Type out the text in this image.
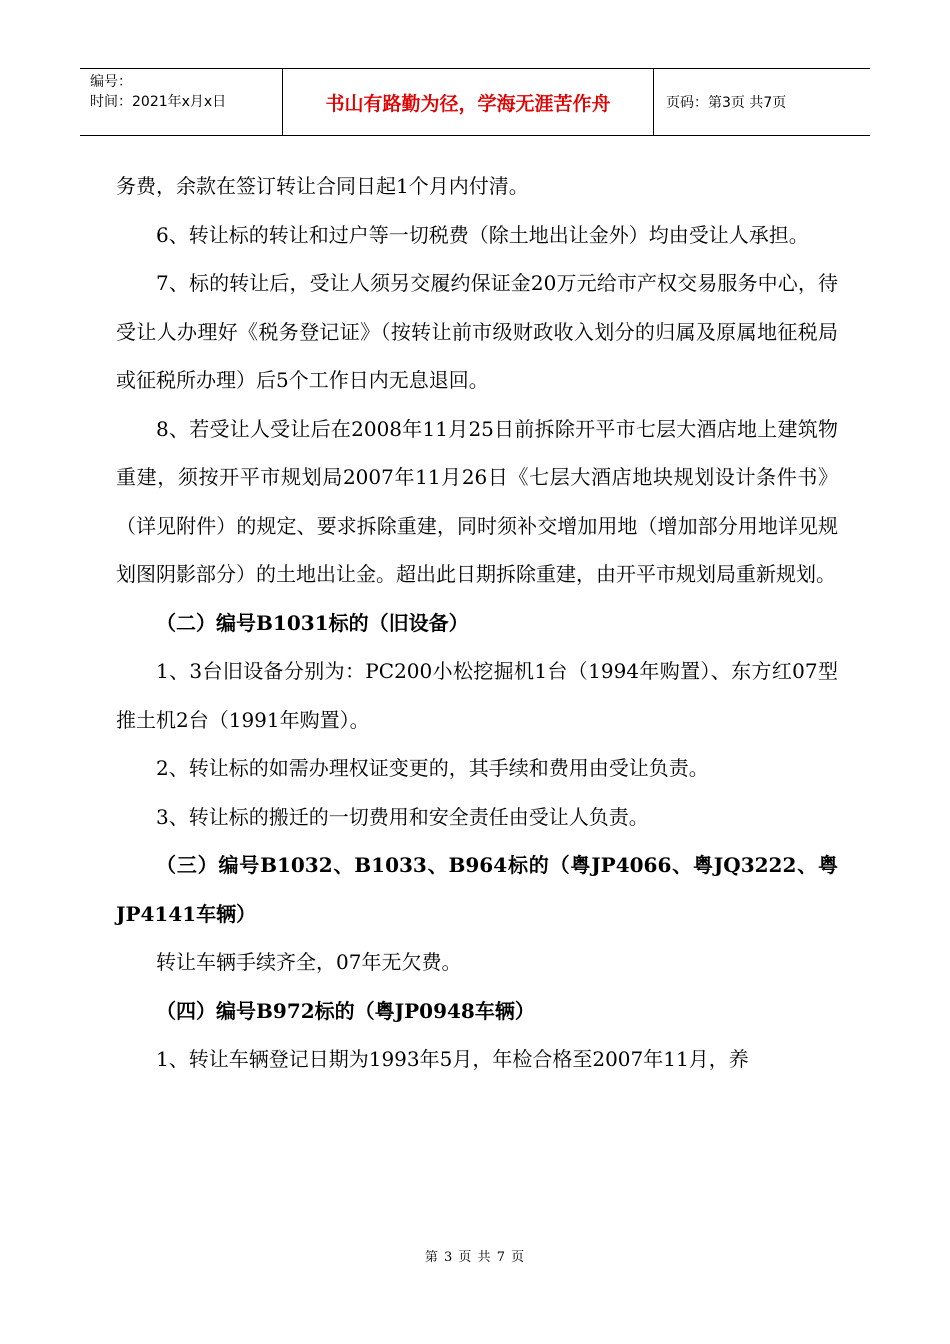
编号：
时间：2021年x月x日	书山有路勤为径，学海无涯苦作舟	页码：第3页 共7页

务费，余款在签订转让合同日起1个月内付清。

6、转让标的转让和过户等一切税费（除土地出让金外）均由受让人承担。

7、标的转让后，受让人须另交履约保证金20万元给市产权交易服务中心，待受让人办理好《税务登记证》（按转让前市级财政收入划分的归属及原属地征税局或征税所办理）后5个工作日内无息退回。

8、若受让人受让后在2008年11月25日前拆除开平市七层大酒店地上建筑物重建，须按开平市规划局2007年11月26日《七层大酒店地块规划设计条件书》（详见附件）的规定、要求拆除重建，同时须补交增加用地（增加部分用地详见规划图阴影部分）的土地出让金。超出此日期拆除重建，由开平市规划局重新规划。

（二）编号B1031标的（旧设备）

1、3台旧设备分别为：PC200小松挖掘机1台（1994年购置）、东方红07型推土机2台（1991年购置）。

2、转让标的如需办理权证变更的，其手续和费用由受让负责。

3、转让标的搬迁的一切费用和安全责任由受让人负责。

（三）编号B1032、B1033、B964标的（粤JP4066、粤JQ3222、粤JP4141车辆）

转让车辆手续齐全，07年无欠费。

（四）编号B972标的（粤JP0948车辆）

1、转让车辆登记日期为1993年5月，年检合格至2007年11月，养

第 3 页 共 7 页
